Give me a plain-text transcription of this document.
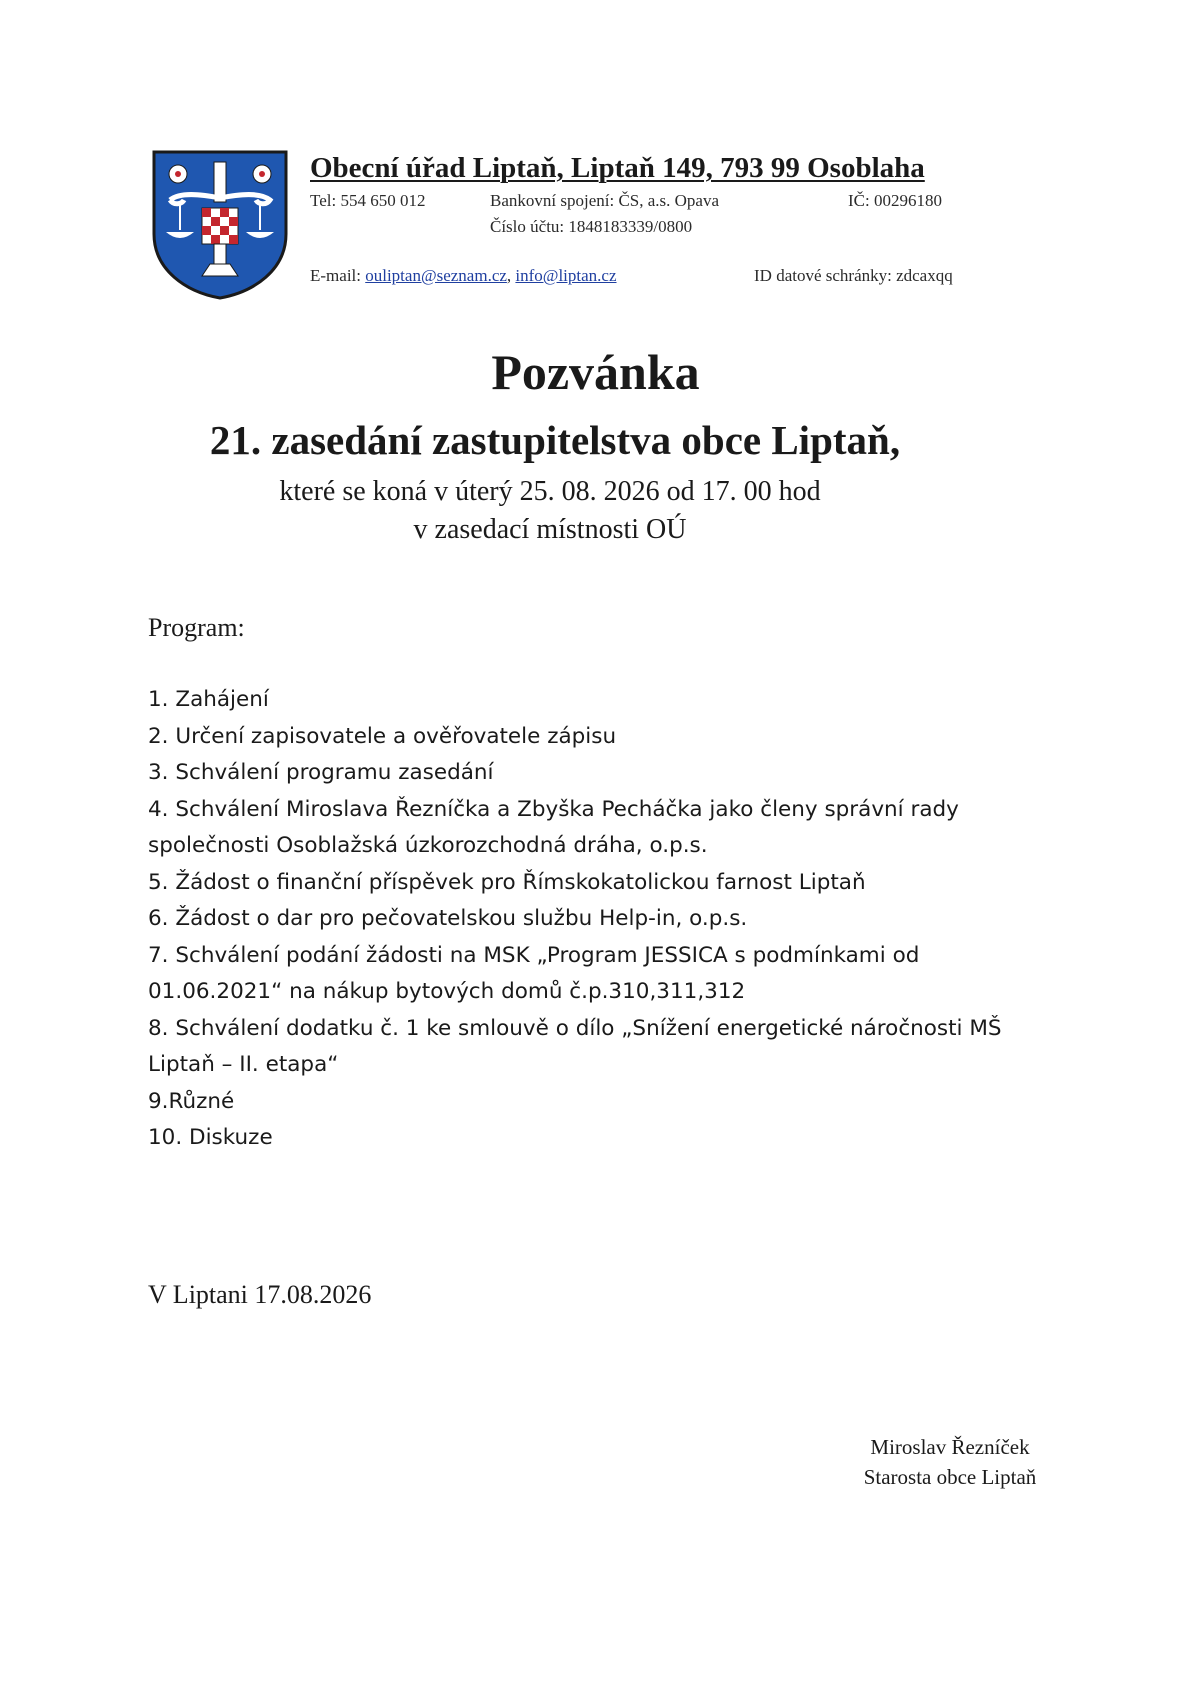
Obecní úřad Liptaň, Liptaň 149, 793 99 Osoblaha
Tel: 554 650 012	Bankovní spojení: ČS, a.s. Opava	IČ: 00296180
Číslo účtu: 1848183339/0800
E-mail: ouliptan@seznam.cz, info@liptan.cz	ID datové schránky: zdcaxqq
Pozvánka
21. zasedání zastupitelstva obce Liptaň,
které se koná v úterý 25. 08. 2026 od 17. 00 hod
v zasedací místnosti OÚ
Program:
1. Zahájení
2. Určení zapisovatele a ověřovatele zápisu
3. Schválení programu zasedání
4. Schválení Miroslava Řezníčka a Zbyška Pecháčka jako členy správní rady
společnosti Osoblažská úzkorozchodná dráha, o.p.s.
5. Žádost o finanční příspěvek pro Římskokatolickou farnost Liptaň
6. Žádost o dar pro pečovatelskou službu Help-in, o.p.s.
7. Schválení podání žádosti na MSK „Program JESSICA s podmínkami od
01.06.2021“ na nákup bytových domů č.p.310,311,312
8. Schválení dodatku č. 1 ke smlouvě o dílo „Snížení energetické náročnosti MŠ
Liptaň – II. etapa“
9.Různé
10. Diskuze
V Liptani 17.08.2026
Miroslav Řezníček
Starosta obce Liptaň
